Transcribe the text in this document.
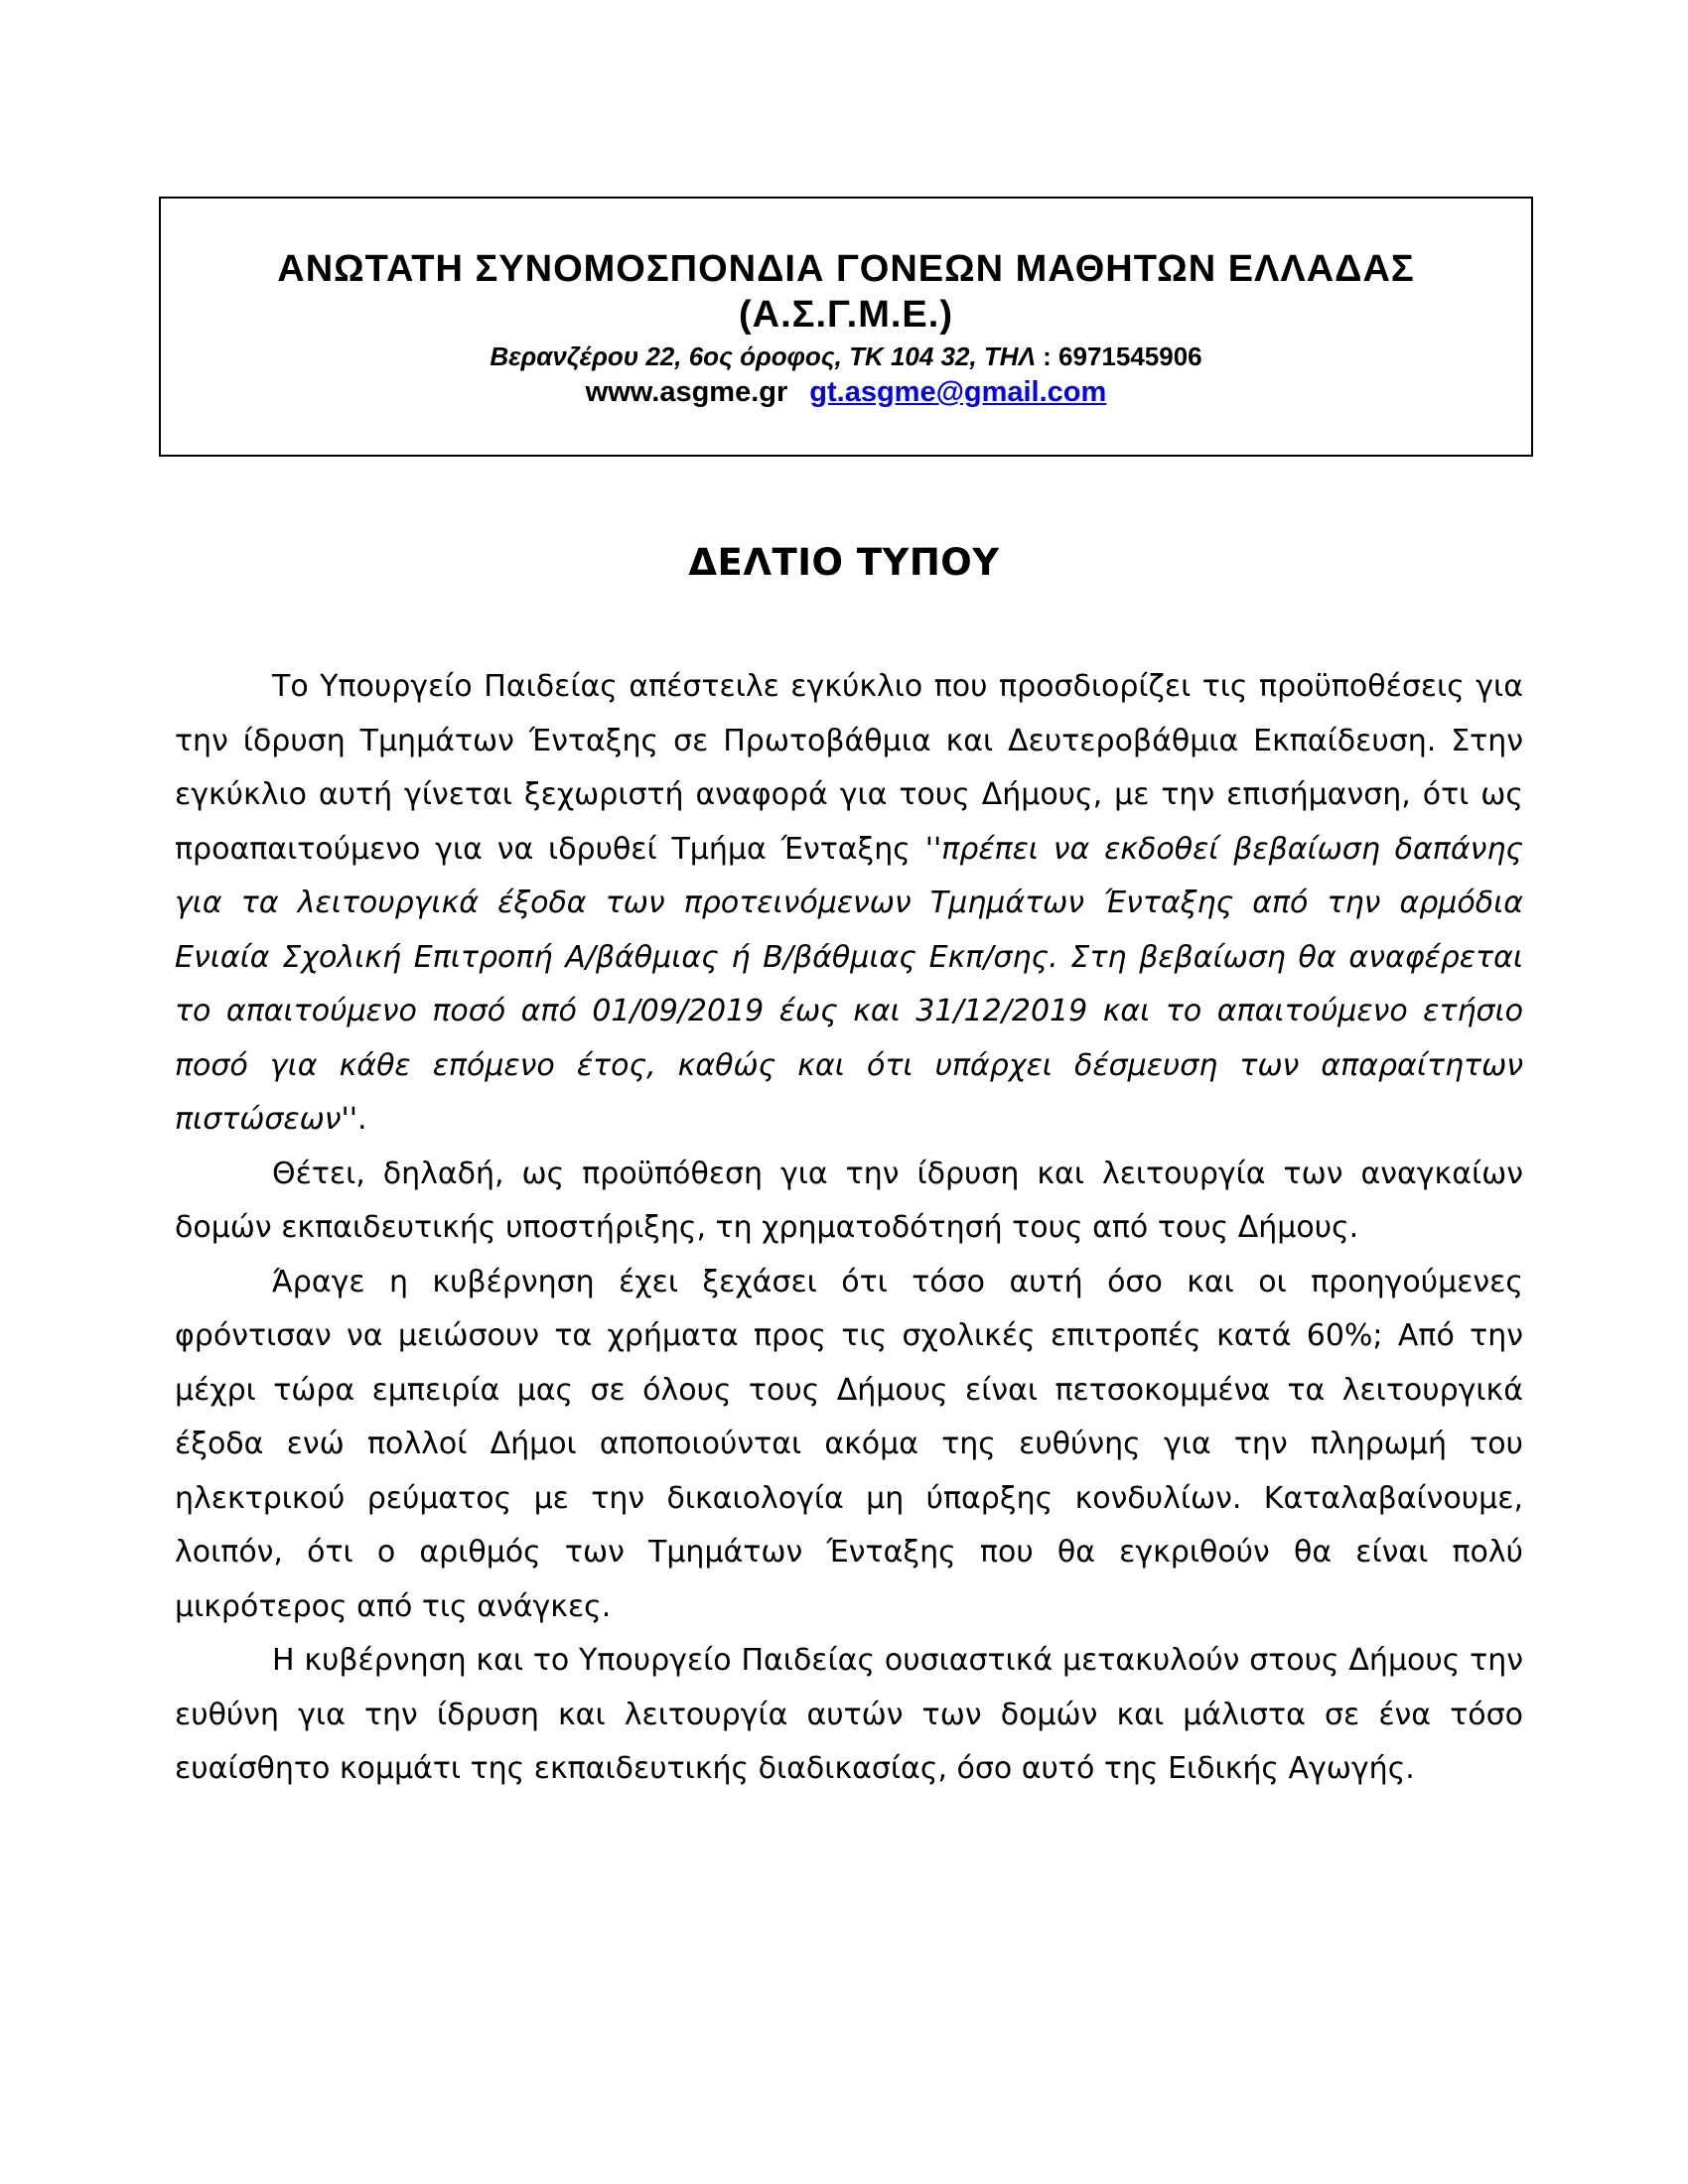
ΑΝΩΤΑΤΗ ΣΥΝΟΜΟΣΠΟΝΔΙΑ ΓΟΝΕΩΝ ΜΑΘΗΤΩΝ ΕΛΛΑΔΑΣ
(Α.Σ.Γ.Μ.Ε.)
Βερανζέρου 22, 6ος όροφος, ΤΚ 104 32, ΤΗΛ : 6971545906
www.asgme.gr gt.asgme@gmail.com
ΔΕΛΤΙΟ ΤΥΠΟΥ

Το Υπουργείο Παιδείας απέστειλε εγκύκλιο που προσδιορίζει τις προϋποθέσεις για την ίδρυση Τμημάτων Ένταξης σε Πρωτοβάθμια και Δευτεροβάθμια Εκπαίδευση. Στην εγκύκλιο αυτή γίνεται ξεχωριστή αναφορά για τους Δήμους, με την επισήμανση, ότι ως προαπαιτούμενο για να ιδρυθεί Τμήμα Ένταξης ''πρέπει να εκδοθεί βεβαίωση δαπάνης για τα λειτουργικά έξοδα των προτεινόμενων Τμημάτων Ένταξης από την αρμόδια Ενιαία Σχολική Επιτροπή Α/βάθμιας ή Β/βάθμιας Εκπ/σης. Στη βεβαίωση θα αναφέρεται το απαιτούμενο ποσό από 01/09/2019 έως και 31/12/2019 και το απαιτούμενο ετήσιο ποσό για κάθε επόμενο έτος, καθώς και ότι υπάρχει δέσμευση των απαραίτητων πιστώσεων''.

Θέτει, δηλαδή, ως προϋπόθεση για την ίδρυση και λειτουργία των αναγκαίων δομών εκπαιδευτικής υποστήριξης, τη χρηματοδότησή τους από τους Δήμους.

Άραγε η κυβέρνηση έχει ξεχάσει ότι τόσο αυτή όσο και οι προηγούμενες φρόντισαν να μειώσουν τα χρήματα προς τις σχολικές επιτροπές κατά 60%; Από την μέχρι τώρα εμπειρία μας σε όλους τους Δήμους είναι πετσοκομμένα τα λειτουργικά έξοδα ενώ πολλοί Δήμοι αποποιούνται ακόμα της ευθύνης για την πληρωμή του ηλεκτρικού ρεύματος με την δικαιολογία μη ύπαρξης κονδυλίων. Καταλαβαίνουμε, λοιπόν, ότι ο αριθμός των Τμημάτων Ένταξης που θα εγκριθούν θα είναι πολύ μικρότερος από τις ανάγκες.

Η κυβέρνηση και το Υπουργείο Παιδείας ουσιαστικά μετακυλούν στους Δήμους την ευθύνη για την ίδρυση και λειτουργία αυτών των δομών και μάλιστα σε ένα τόσο ευαίσθητο κομμάτι της εκπαιδευτικής διαδικασίας, όσο αυτό της Ειδικής Αγωγής.
